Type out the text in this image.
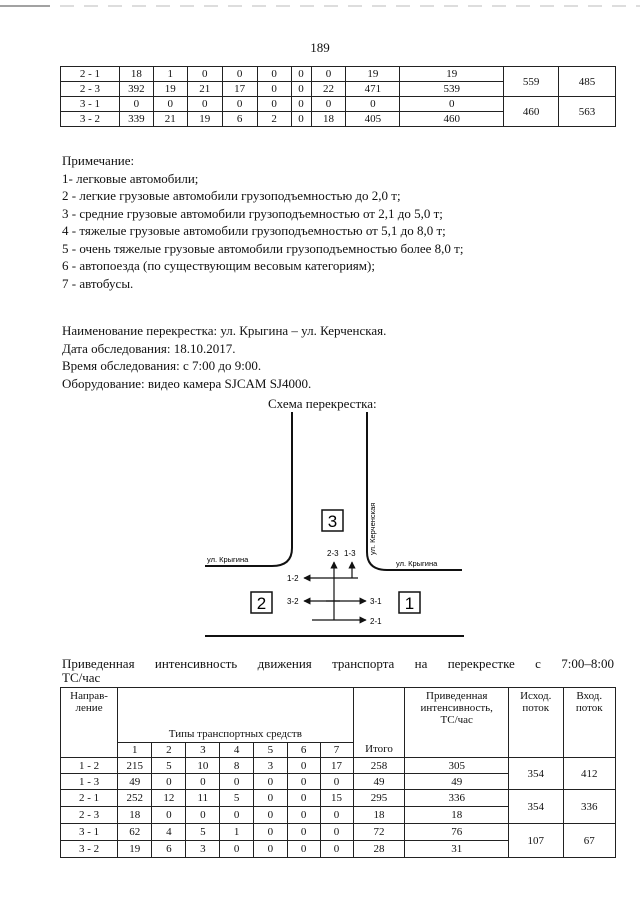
189
2 - 1	18	1	0	0	0	0	0	19	19	559	485
2 - 3	392	19	21	17	0	0	22	471	539		
3 - 1	0	0	0	0	0	0	0	0	0	460	563
3 - 2	339	21	19	6	2	0	18	405	460		
Примечание:
1- легковые автомобили;
2 - легкие грузовые автомобили грузоподъемностью до 2,0 т;
3 - средние грузовые автомобили грузоподъемностью от 2,1 до 5,0 т;
4 - тяжелые грузовые автомобили грузоподъемностью от 5,1 до 8,0 т;
5 - очень тяжелые грузовые автомобили грузоподъемностью более 8,0 т;
6 - автопоезда (по существующим весовым категориям);
7 - автобусы.
Наименование перекрестка: ул. Крыгина – ул. Керченская.
Дата обследования: 18.10.2017.
Время обследования: с 7:00 до 9:00.
Оборудование: видео камера SJCAM SJ4000.
Схема перекрестка:
3
2	1
ул. Крыгина	ул. Крыгина
ул. Керченская
2-3 1-3
1-2
3-2	3-1
2-1
Приведенная интенсивность движения транспорта на перекрестке с 7:00–8:00
ТС/час
Направ-ление	Типы транспортных средств							Итого	Приведенная интенсивность, ТС/час	Исход. поток	Вход. поток
	1	2	3	4	5	6	7				
1 - 2	215	5	10	8	3	0	17	258	305	354	412
1 - 3	49	0	0	0	0	0	0	49	49		
2 - 1	252	12	11	5	0	0	15	295	336	354	336
2 - 3	18	0	0	0	0	0	0	18	18		
3 - 1	62	4	5	1	0	0	0	72	76	107	67
3 - 2	19	6	3	0	0	0	0	28	31		
